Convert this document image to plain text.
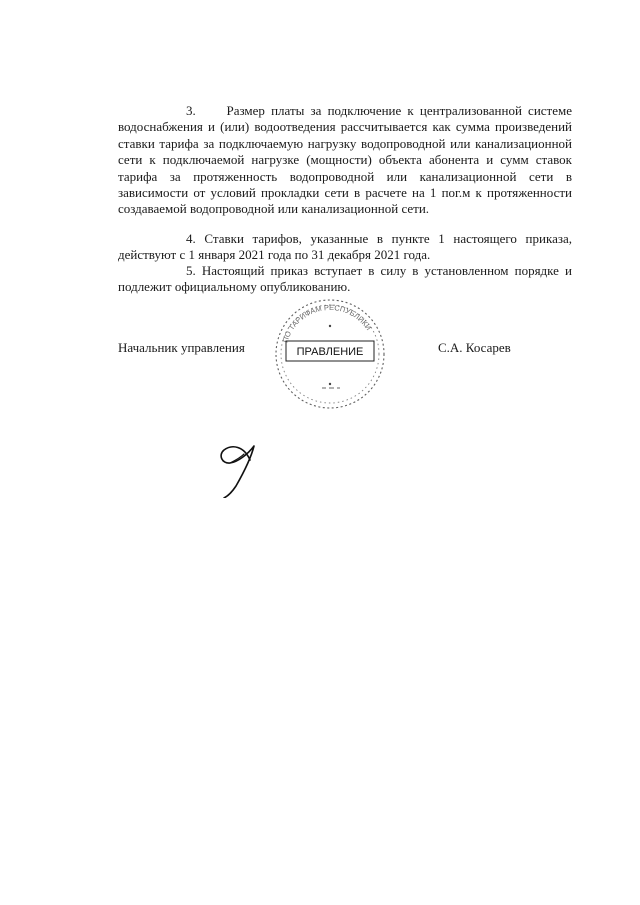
3. Размер платы за подключение к централизованной системе водоснабжения и (или) водоотведения рассчитывается как сумма произведений ставки тарифа за подключаемую нагрузку водопроводной или канализационной сети к подключаемой нагрузке (мощности) объекта абонента и сумм ставок тарифа за протяженность водопроводной или канализационной сети в зависимости от условий прокладки сети в расчете на 1 пог.м к протяженности создаваемой водопроводной или канализационной сети.

4. Ставки тарифов, указанные в пункте 1 настоящего приказа, действуют с 1 января 2021 года по 31 декабря 2021 года.

5. Настоящий приказ вступает в силу в установленном порядке и подлежит официальному опубликованию.

Начальник управления	С.А. Косарев
ПО ТАРИФАМ РЕСПУБЛИКИ
ПРАВЛЕНИЕ
